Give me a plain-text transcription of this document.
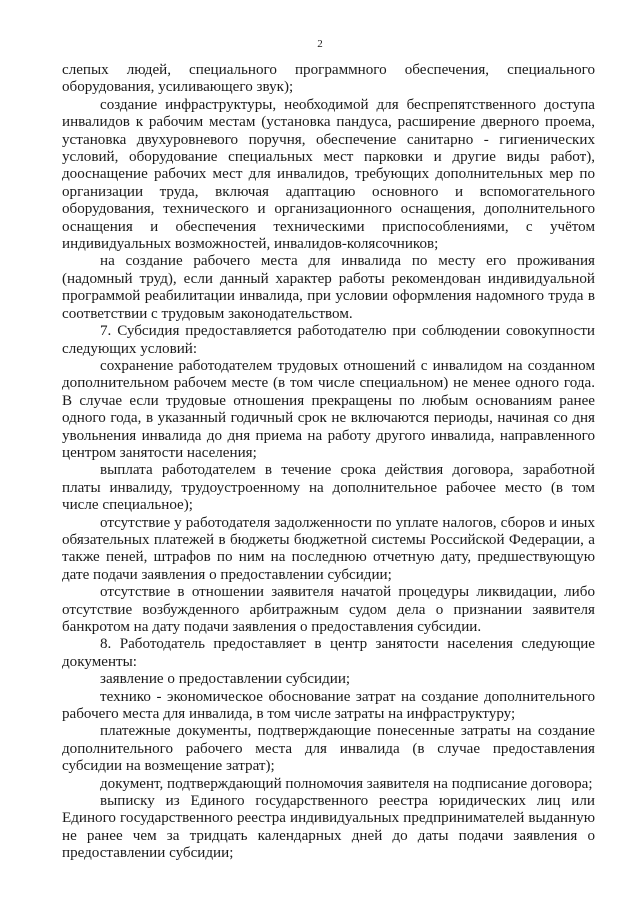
2

слепых людей, специального программного обеспечения, специального оборудования, усиливающего звук);

создание инфраструктуры, необходимой для беспрепятственного доступа инвалидов к рабочим местам (установка пандуса, расширение дверного проема, установка двухуровневого поручня, обеспечение санитарно - гигиенических условий, оборудование специальных мест парковки и другие виды работ), дооснащение рабочих мест для инвалидов, требующих дополнительных мер по организации труда, включая адаптацию основного и вспомогательного оборудования, технического и организационного оснащения, дополнительного оснащения и обеспечения техническими приспособлениями, с учётом индивидуальных возможностей, инвалидов-колясочников;

на создание рабочего места для инвалида по месту его проживания (надомный труд), если данный характер работы рекомендован индивидуальной программой реабилитации инвалида, при условии оформления надомного труда в соответствии с трудовым законодательством.

7. Субсидия предоставляется работодателю при соблюдении совокупности следующих условий:

сохранение работодателем трудовых отношений с инвалидом на созданном дополнительном рабочем месте (в том числе специальном) не менее одного года. В случае если трудовые отношения прекращены по любым основаниям ранее одного года, в указанный годичный срок не включаются периоды, начиная со дня увольнения инвалида до дня приема на работу другого инвалида, направленного центром занятости населения;

выплата работодателем в течение срока действия договора, заработной платы инвалиду, трудоустроенному на дополнительное рабочее место (в том числе специальное);

отсутствие у работодателя задолженности по уплате налогов, сборов и иных обязательных платежей в бюджеты бюджетной системы Российской Федерации, а также пеней, штрафов по ним на последнюю отчетную дату, предшествующую дате подачи заявления о предоставлении субсидии;

отсутствие в отношении заявителя начатой процедуры ликвидации, либо отсутствие возбужденного арбитражным судом дела о признании заявителя банкротом на дату подачи заявления о предоставления субсидии.

8. Работодатель предоставляет в центр занятости населения следующие документы:

заявление о предоставлении субсидии;

технико - экономическое обоснование затрат на создание дополнительного рабочего места для инвалида, в том числе затраты на инфраструктуру;

платежные документы, подтверждающие понесенные затраты на создание дополнительного рабочего места для инвалида (в случае предоставления субсидии на возмещение затрат);

документ, подтверждающий полномочия заявителя на подписание договора;

выписку из Единого государственного реестра юридических лиц или Единого государственного реестра индивидуальных предпринимателей выданную не ранее чем за тридцать календарных дней до даты подачи заявления о предоставлении субсидии;
